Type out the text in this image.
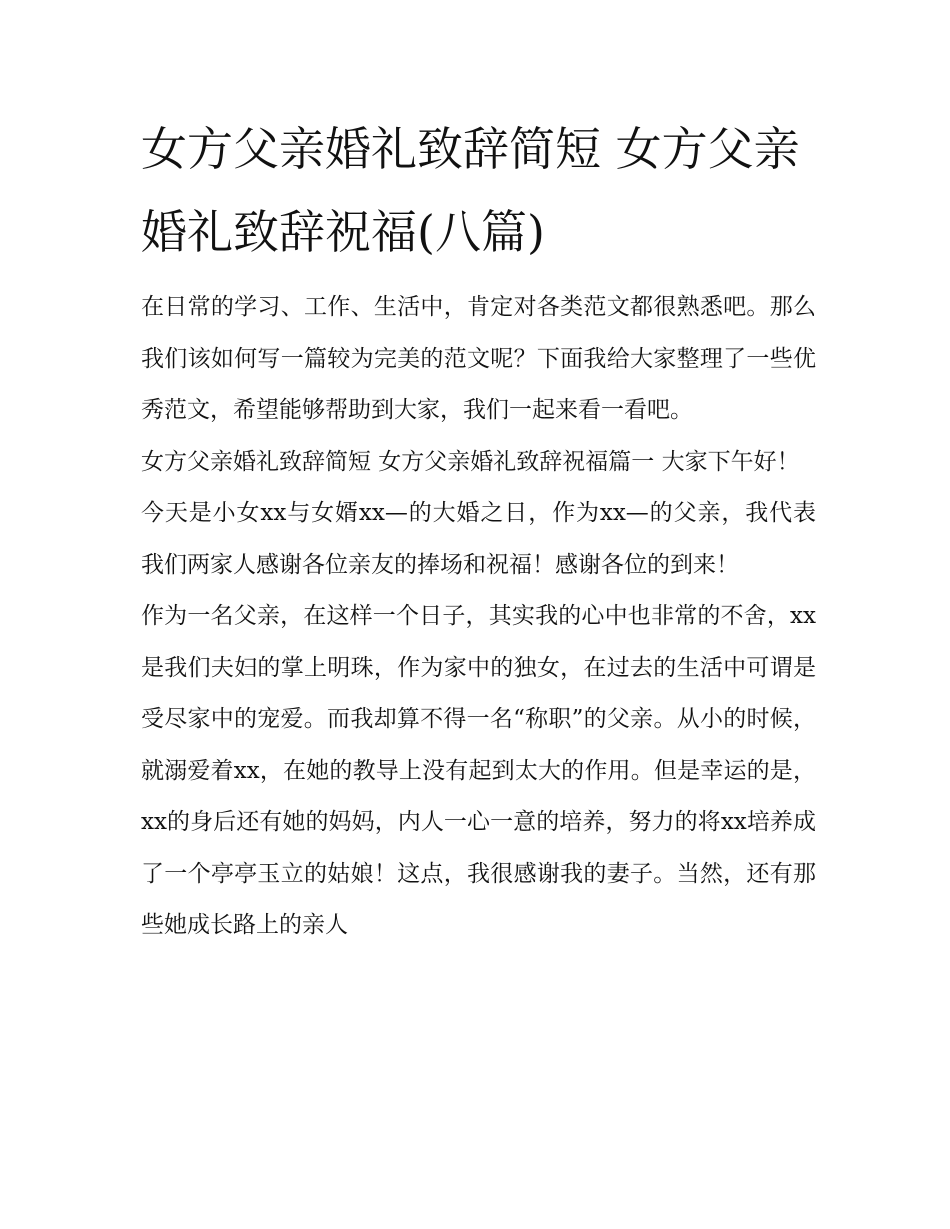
女方父亲婚礼致辞简短 女方父亲婚礼致辞祝福(八篇)

在日常的学习、工作、生活中，肯定对各类范文都很熟悉吧。那么我们该如何写一篇较为完美的范文呢？下面我给大家整理了一些优秀范文，希望能够帮助到大家，我们一起来看一看吧。

女方父亲婚礼致辞简短 女方父亲婚礼致辞祝福篇一 大家下午好！

今天是小女xx与女婿xx—的大婚之日，作为xx—的父亲，我代表我们两家人感谢各位亲友的捧场和祝福！感谢各位的到来！

作为一名父亲，在这样一个日子，其实我的心中也非常的不舍，xx是我们夫妇的掌上明珠，作为家中的独女，在过去的生活中可谓是受尽家中的宠爱。而我却算不得一名“称职”的父亲。从小的时候，就溺爱着xx，在她的教导上没有起到太大的作用。但是幸运的是，xx的身后还有她的妈妈，内人一心一意的培养，努力的将xx培养成了一个亭亭玉立的姑娘！这点，我很感谢我的妻子。当然，还有那些她成长路上的亲人
